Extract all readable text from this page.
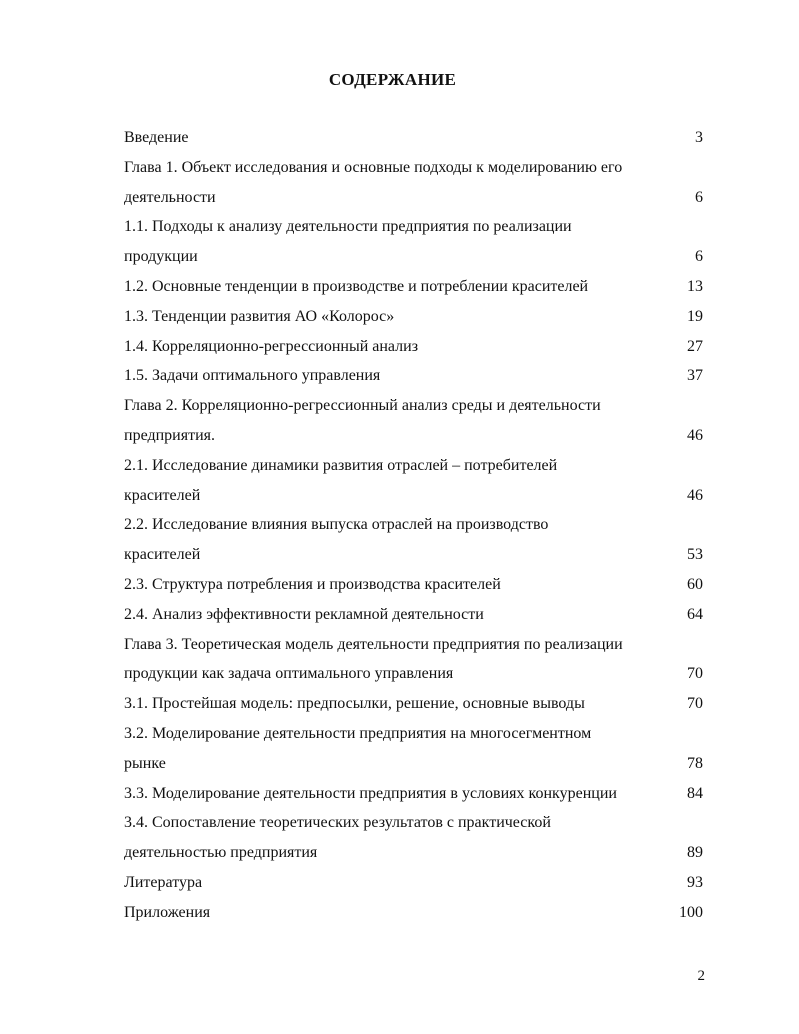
СОДЕРЖАНИЕ
Введение	3
Глава 1. Объект исследования и основные подходы к моделированию его
деятельности	6
1.1. Подходы к анализу деятельности предприятия по реализации
продукции	6
1.2. Основные тенденции в производстве и потреблении красителей	13
1.3. Тенденции развития АО «Колорос»	19
1.4. Корреляционно-регрессионный анализ	27
1.5. Задачи оптимального управления	37
Глава 2. Корреляционно-регрессионный анализ среды и деятельности
предприятия.	46
2.1. Исследование динамики развития отраслей – потребителей
красителей	46
2.2. Исследование влияния выпуска отраслей на производство
красителей	53
2.3. Структура потребления и производства красителей	60
2.4. Анализ эффективности рекламной деятельности	64
Глава 3. Теоретическая модель деятельности предприятия по реализации
продукции как задача оптимального управления	70
3.1. Простейшая модель: предпосылки, решение, основные выводы	70
3.2. Моделирование деятельности предприятия на многосегментном
рынке	78
3.3. Моделирование деятельности предприятия в условиях конкуренции	84
3.4. Сопоставление теоретических результатов с практической
деятельностью предприятия	89
Литература	93
Приложения	100
2
